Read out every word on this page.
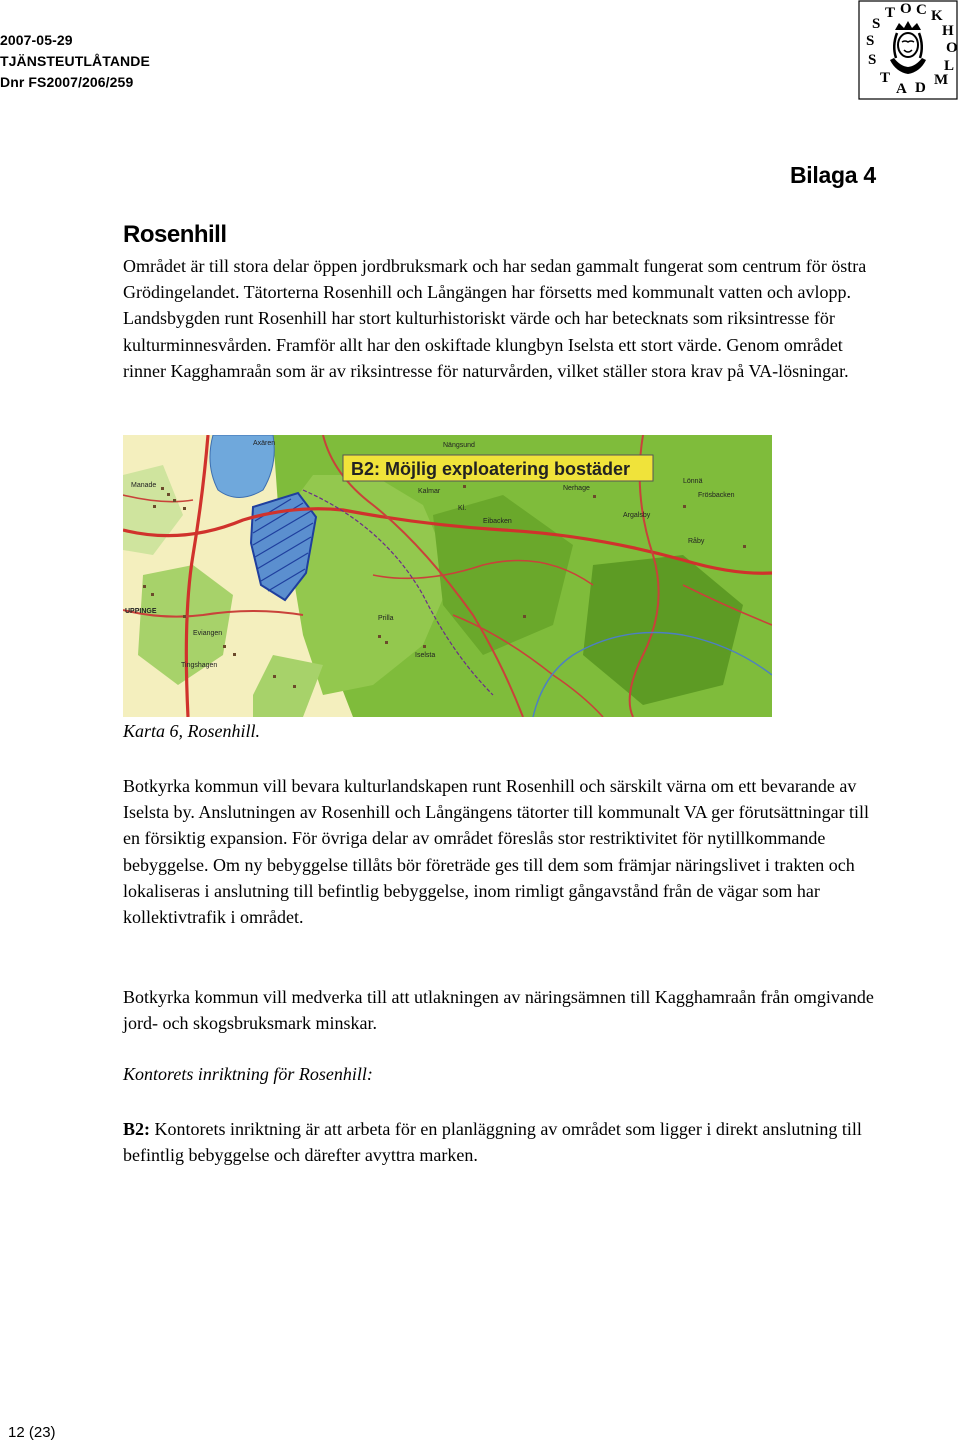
2007-05-29
TJÄNSTEUTLÅTANDE
Dnr FS2007/206/259
S
T O C K
H
O
L
S
S
T
A D M
Bilaga 4
Rosenhill

Området är till stora delar öppen jordbruksmark och har sedan gammalt fungerat som centrum för östra Grödingelandet. Tätorterna Rosenhill och Långängen har försetts med kommunalt vatten och avlopp. Landsbygden runt Rosenhill har stort kulturhistoriskt värde och har betecknats som riksintresse för kulturminnesvården. Framför allt har den oskiftade klungbyn Iselsta ett stort värde. Genom området rinner Kagghamraån som är av riksintresse för naturvården, vilket ställer stora krav på VA-lösningar.

B2: Möjlig exploatering bostäder
Axären	Nängsund
Kalmar	Nerhage
Lönnä
Frösbacken
Argalsby
Råby
UPPINGE
Eviangen
Prilla
Iselsta
Tingshagen
Manade
Kl.
Eibacken

Karta 6, Rosenhill.

Botkyrka kommun vill bevara kulturlandskapen runt Rosenhill och särskilt värna om ett bevarande av Iselsta by. Anslutningen av Rosenhill och Långängens tätorter till kommunalt VA ger förutsättningar till en försiktig expansion. För övriga delar av området föreslås stor restriktivitet för nytillkommande bebyggelse. Om ny bebyggelse tillåts bör företräde ges till dem som främjar näringslivet i trakten och lokaliseras i anslutning till befintlig bebyggelse, inom rimligt gångavstånd från de vägar som har kollektivtrafik i området.

Botkyrka kommun vill medverka till att utlakningen av näringsämnen till Kagghamraån från omgivande jord- och skogsbruksmark minskar.

Kontorets inriktning för Rosenhill:

B2: Kontorets inriktning är att arbeta för en planläggning av området som ligger i direkt anslutning till befintlig bebyggelse och därefter avyttra marken.

12 (23)
